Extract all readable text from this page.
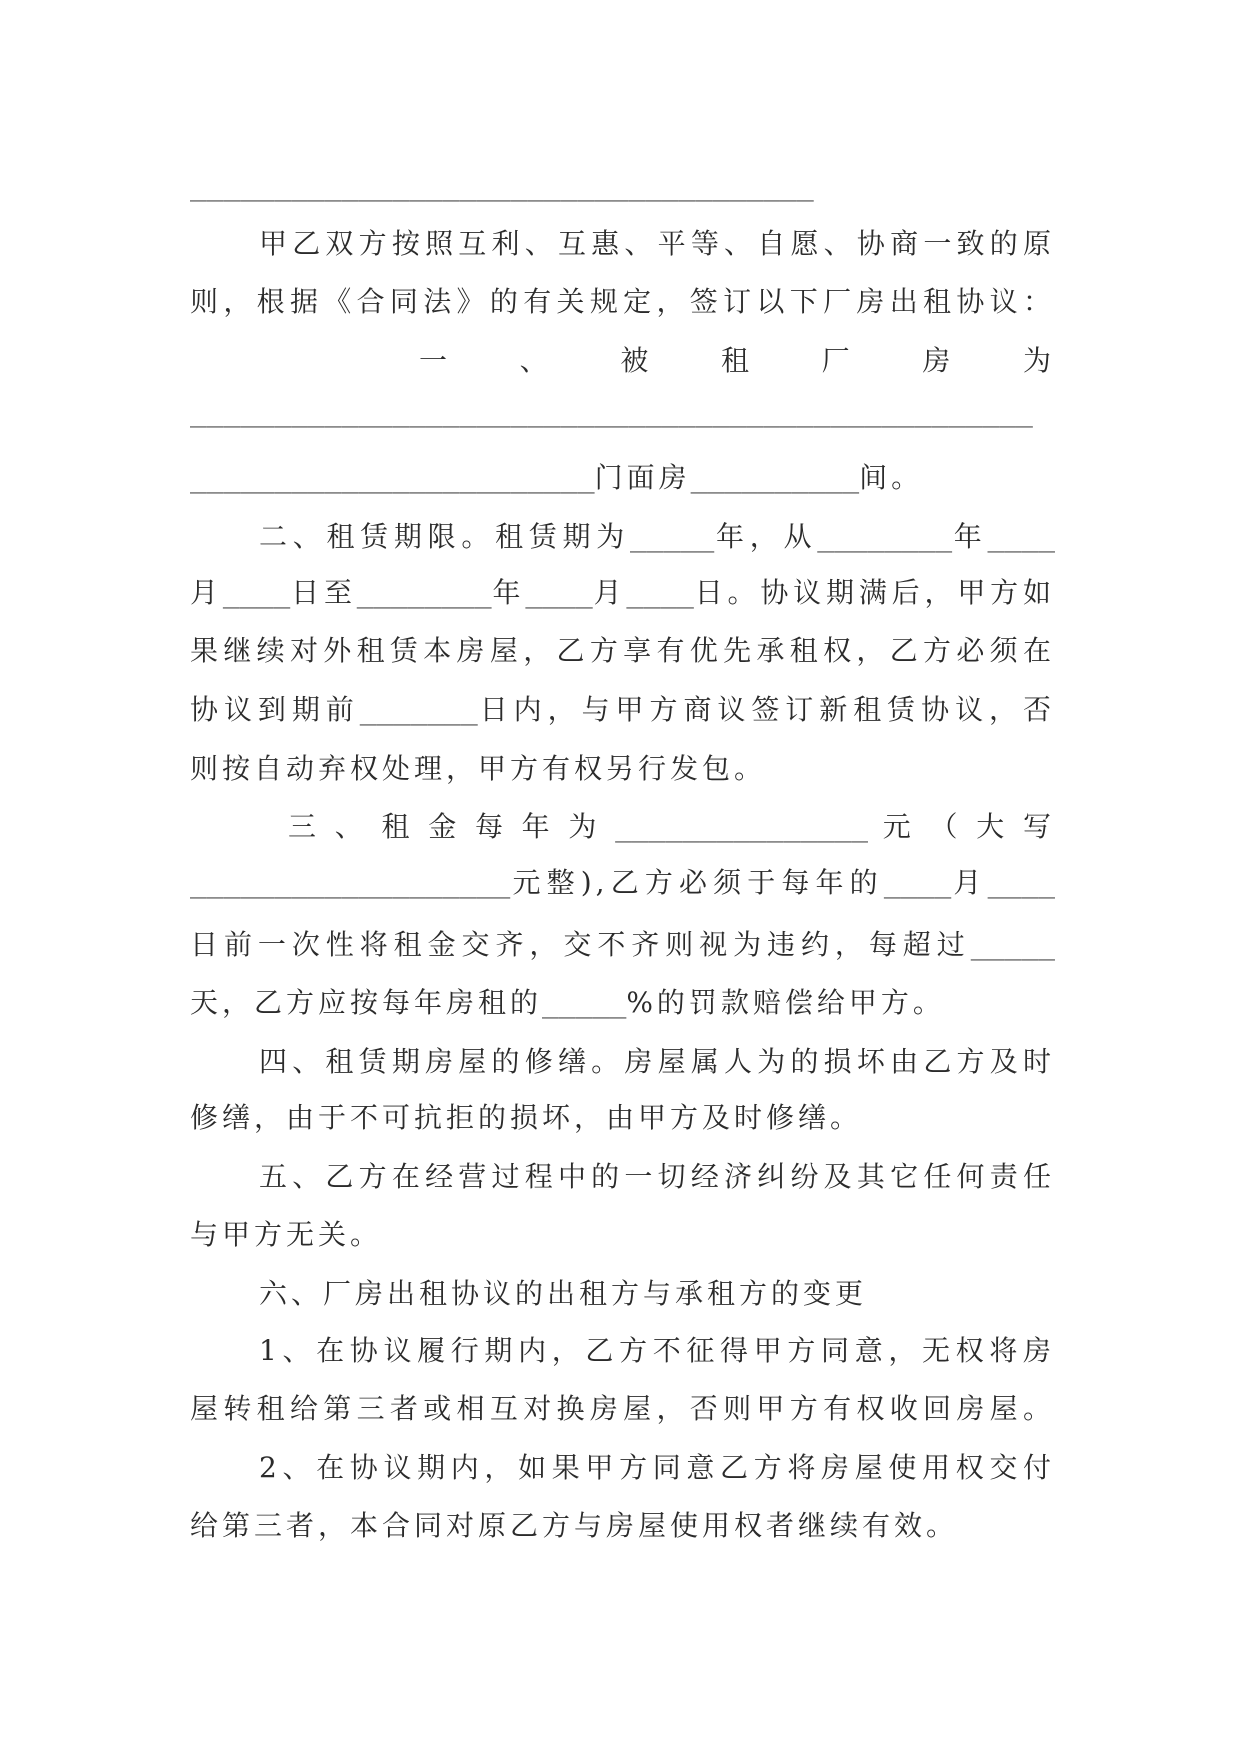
_____________________________________
甲乙双方按照互利、互惠、平等、自愿、协商一致的原
则，根据《合同法》的有关规定，签订以下厂房出租协议：
一、被租厂房为
__________________________________________________
________________________门面房__________间。
二、租赁期限。租赁期为_____年，从________年____
月____日至________年____月____日。协议期满后，甲方如
果继续对外租赁本房屋，乙方享有优先承租权，乙方必须在
协议到期前_______日内，与甲方商议签订新租赁协议，否
则按自动弃权处理，甲方有权另行发包。
三、租金每年为_______________元（大写
___________________元整),乙方必须于每年的____月____
日前一次性将租金交齐，交不齐则视为违约，每超过_____
天，乙方应按每年房租的_____%的罚款赔偿给甲方。
四、租赁期房屋的修缮。房屋属人为的损坏由乙方及时
修缮，由于不可抗拒的损坏，由甲方及时修缮。
五、乙方在经营过程中的一切经济纠纷及其它任何责任
与甲方无关。
六、厂房出租协议的出租方与承租方的变更
1、在协议履行期内，乙方不征得甲方同意，无权将房
屋转租给第三者或相互对换房屋，否则甲方有权收回房屋。
2、在协议期内，如果甲方同意乙方将房屋使用权交付
给第三者，本合同对原乙方与房屋使用权者继续有效。
